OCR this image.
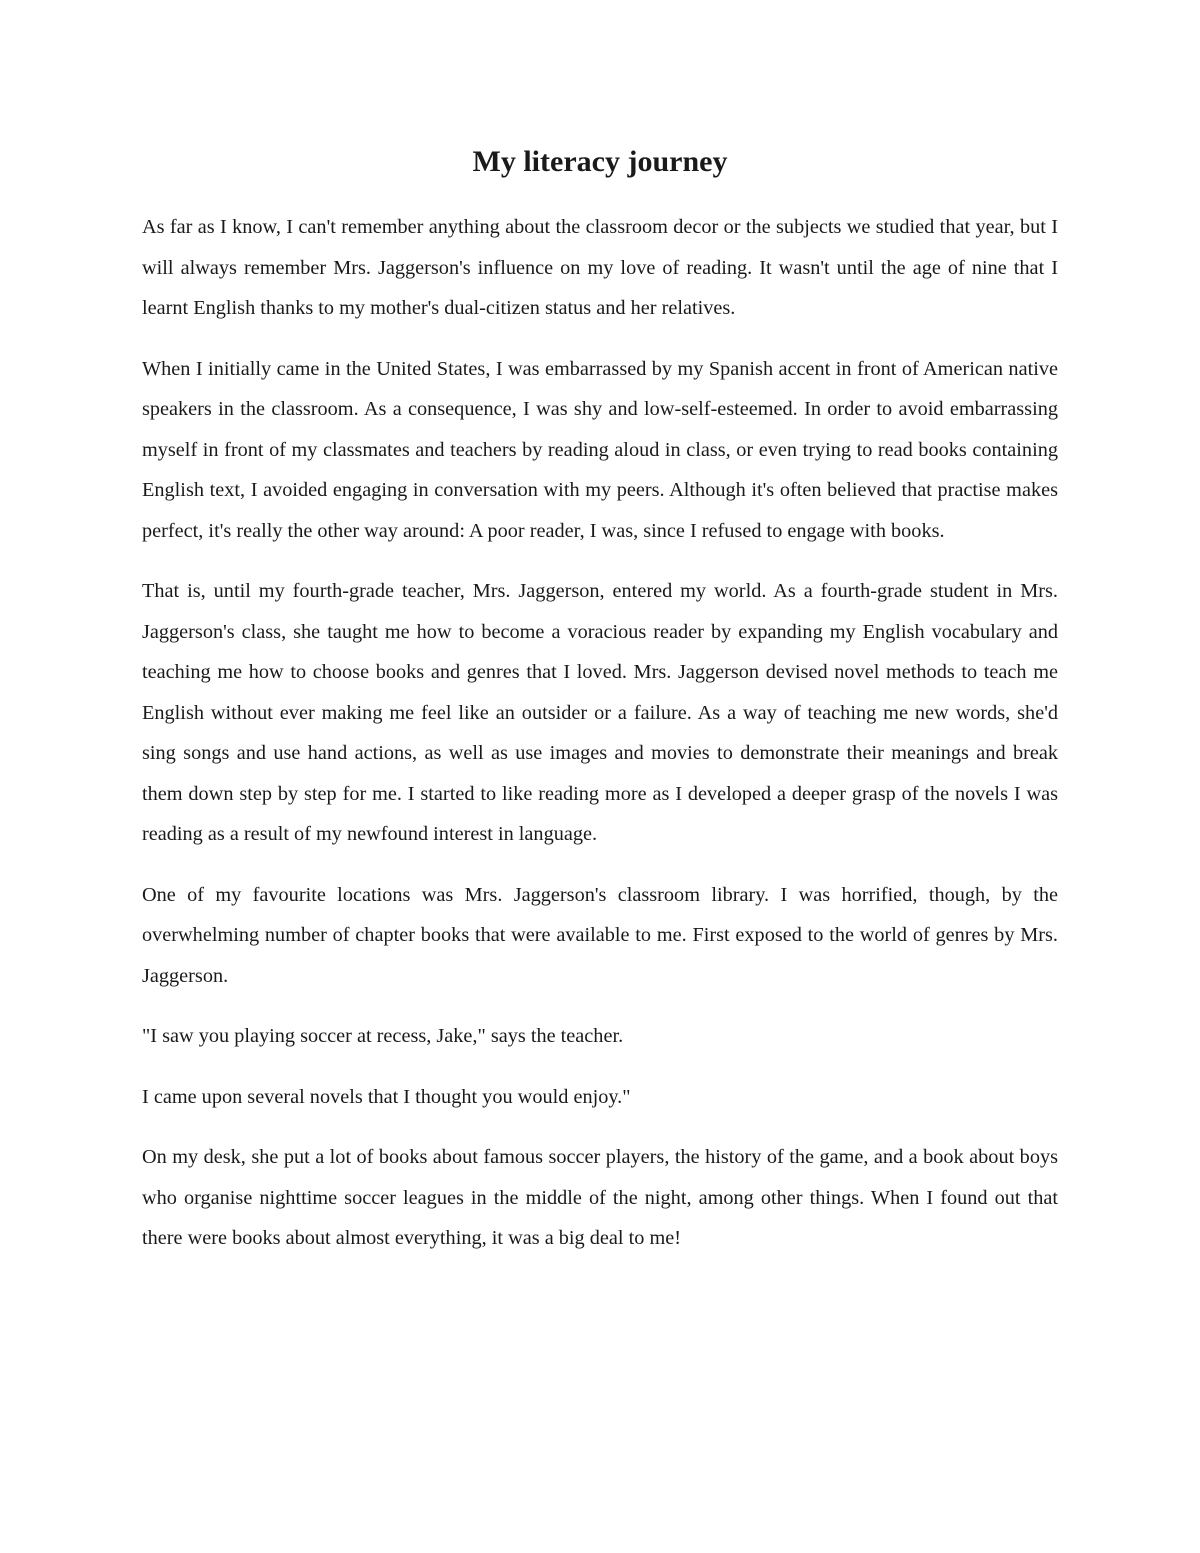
My literacy journey

As far as I know, I can't remember anything about the classroom decor or the subjects we studied that year, but I will always remember Mrs. Jaggerson's influence on my love of reading. It wasn't until the age of nine that I learnt English thanks to my mother's dual-citizen status and her relatives.

When I initially came in the United States, I was embarrassed by my Spanish accent in front of American native speakers in the classroom. As a consequence, I was shy and low-self-esteemed. In order to avoid embarrassing myself in front of my classmates and teachers by reading aloud in class, or even trying to read books containing English text, I avoided engaging in conversation with my peers. Although it's often believed that practise makes perfect, it's really the other way around: A poor reader, I was, since I refused to engage with books.

That is, until my fourth-grade teacher, Mrs. Jaggerson, entered my world. As a fourth-grade student in Mrs. Jaggerson's class, she taught me how to become a voracious reader by expanding my English vocabulary and teaching me how to choose books and genres that I loved. Mrs. Jaggerson devised novel methods to teach me English without ever making me feel like an outsider or a failure. As a way of teaching me new words, she'd sing songs and use hand actions, as well as use images and movies to demonstrate their meanings and break them down step by step for me. I started to like reading more as I developed a deeper grasp of the novels I was reading as a result of my newfound interest in language.

One of my favourite locations was Mrs. Jaggerson's classroom library. I was horrified, though, by the overwhelming number of chapter books that were available to me. First exposed to the world of genres by Mrs. Jaggerson.

"I saw you playing soccer at recess, Jake," says the teacher.

I came upon several novels that I thought you would enjoy."

On my desk, she put a lot of books about famous soccer players, the history of the game, and a book about boys who organise nighttime soccer leagues in the middle of the night, among other things. When I found out that there were books about almost everything, it was a big deal to me!
